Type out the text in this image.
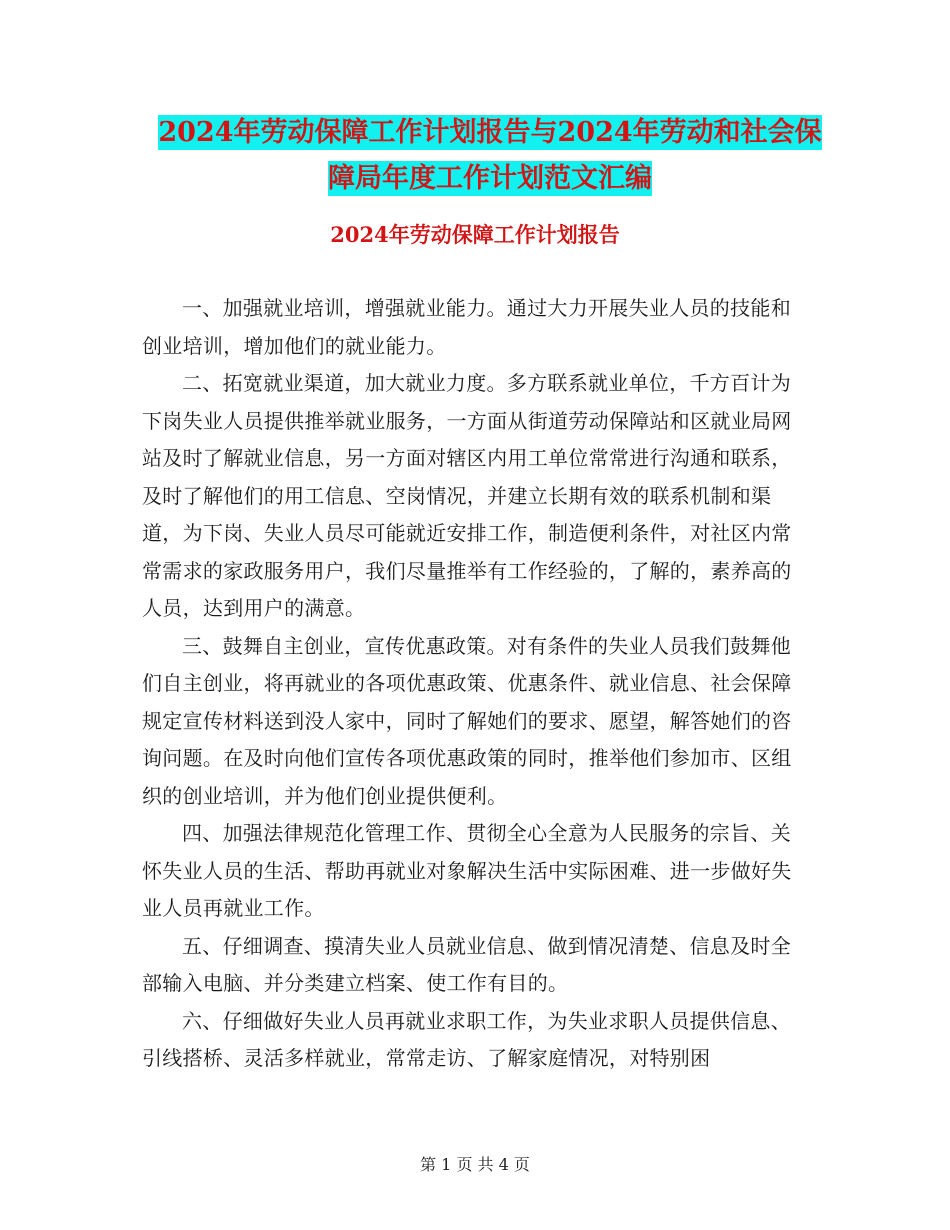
2024年劳动保障工作计划报告与2024年劳动和社会保
障局年度工作计划范文汇编
2024年劳动保障工作计划报告

一、加强就业培训，增强就业能力。通过大力开展失业人员的技能和创业培训，增加他们的就业能力。

二、拓宽就业渠道，加大就业力度。多方联系就业单位，千方百计为下岗失业人员提供推举就业服务，一方面从街道劳动保障站和区就业局网站及时了解就业信息，另一方面对辖区内用工单位常常进行沟通和联系，及时了解他们的用工信息、空岗情况，并建立长期有效的联系机制和渠道，为下岗、失业人员尽可能就近安排工作，制造便利条件，对社区内常常需求的家政服务用户，我们尽量推举有工作经验的，了解的，素养高的人员，达到用户的满意。

三、鼓舞自主创业，宣传优惠政策。对有条件的失业人员我们鼓舞他们自主创业，将再就业的各项优惠政策、优惠条件、就业信息、社会保障规定宣传材料送到没人家中，同时了解她们的要求、愿望，解答她们的咨询问题。在及时向他们宣传各项优惠政策的同时，推举他们参加市、区组织的创业培训，并为他们创业提供便利。

四、加强法律规范化管理工作、贯彻全心全意为人民服务的宗旨、关怀失业人员的生活、帮助再就业对象解决生活中实际困难、进一步做好失业人员再就业工作。

五、仔细调查、摸清失业人员就业信息、做到情况清楚、信息及时全部输入电脑、并分类建立档案、使工作有目的。

六、仔细做好失业人员再就业求职工作，为失业求职人员提供信息、引线搭桥、灵活多样就业，常常走访、了解家庭情况，对特别困

第 1 页 共 4 页
